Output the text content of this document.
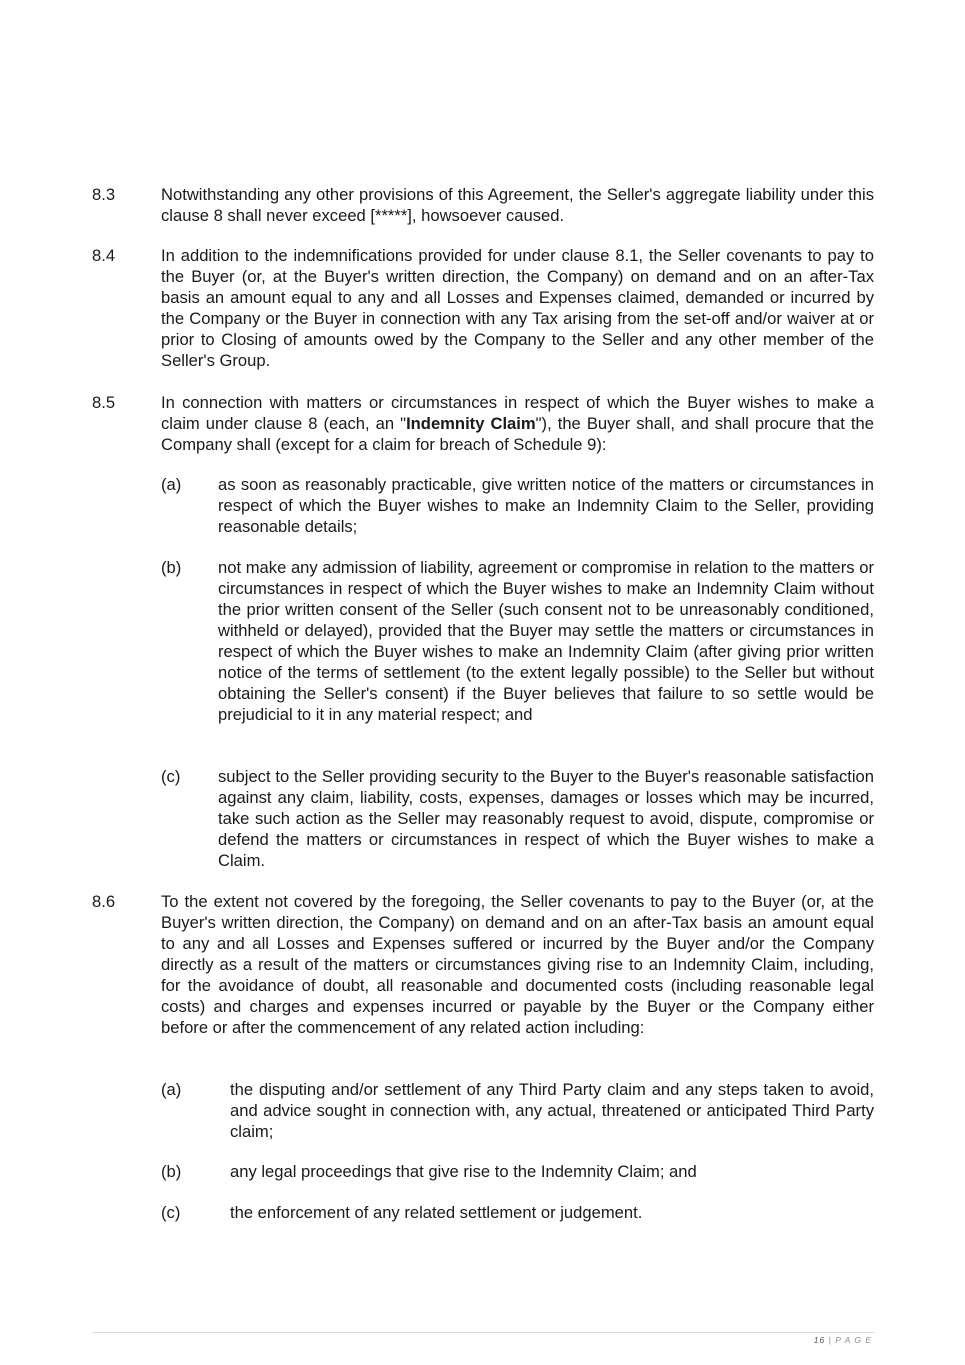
8.3	Notwithstanding any other provisions of this Agreement, the Seller's aggregate liability under this clause 8 shall never exceed [*****], howsoever caused.
8.4	In addition to the indemnifications provided for under clause 8.1, the Seller covenants to pay to the Buyer (or, at the Buyer's written direction, the Company) on demand and on an after-Tax basis an amount equal to any and all Losses and Expenses claimed, demanded or incurred by the Company or the Buyer in connection with any Tax arising from the set-off and/or waiver at or prior to Closing of amounts owed by the Company to the Seller and any other member of the Seller's Group.
8.5	In connection with matters or circumstances in respect of which the Buyer wishes to make a claim under clause 8 (each, an "Indemnity Claim"), the Buyer shall, and shall procure that the Company shall (except for a claim for breach of Schedule 9):
(a) as soon as reasonably practicable, give written notice of the matters or circumstances in respect of which the Buyer wishes to make an Indemnity Claim to the Seller, providing reasonable details;
(b) not make any admission of liability, agreement or compromise in relation to the matters or circumstances in respect of which the Buyer wishes to make an Indemnity Claim without the prior written consent of the Seller (such consent not to be unreasonably conditioned, withheld or delayed), provided that the Buyer may settle the matters or circumstances in respect of which the Buyer wishes to make an Indemnity Claim (after giving prior written notice of the terms of settlement (to the extent legally possible) to the Seller but without obtaining the Seller's consent) if the Buyer believes that failure to so settle would be prejudicial to it in any material respect; and
(c) subject to the Seller providing security to the Buyer to the Buyer's reasonable satisfaction against any claim, liability, costs, expenses, damages or losses which may be incurred, take such action as the Seller may reasonably request to avoid, dispute, compromise or defend the matters or circumstances in respect of which the Buyer wishes to make a Claim.
8.6	To the extent not covered by the foregoing, the Seller covenants to pay to the Buyer (or, at the Buyer's written direction, the Company) on demand and on an after-Tax basis an amount equal to any and all Losses and Expenses suffered or incurred by the Buyer and/or the Company directly as a result of the matters or circumstances giving rise to an Indemnity Claim, including, for the avoidance of doubt, all reasonable and documented costs (including reasonable legal costs) and charges and expenses incurred or payable by the Buyer or the Company either before or after the commencement of any related action including:
(a)	the disputing and/or settlement of any Third Party claim and any steps taken to avoid, and advice sought in connection with, any actual, threatened or anticipated Third Party claim;
(b)	any legal proceedings that give rise to the Indemnity Claim; and
(c)	the enforcement of any related settlement or judgement.
16 | P A G E
